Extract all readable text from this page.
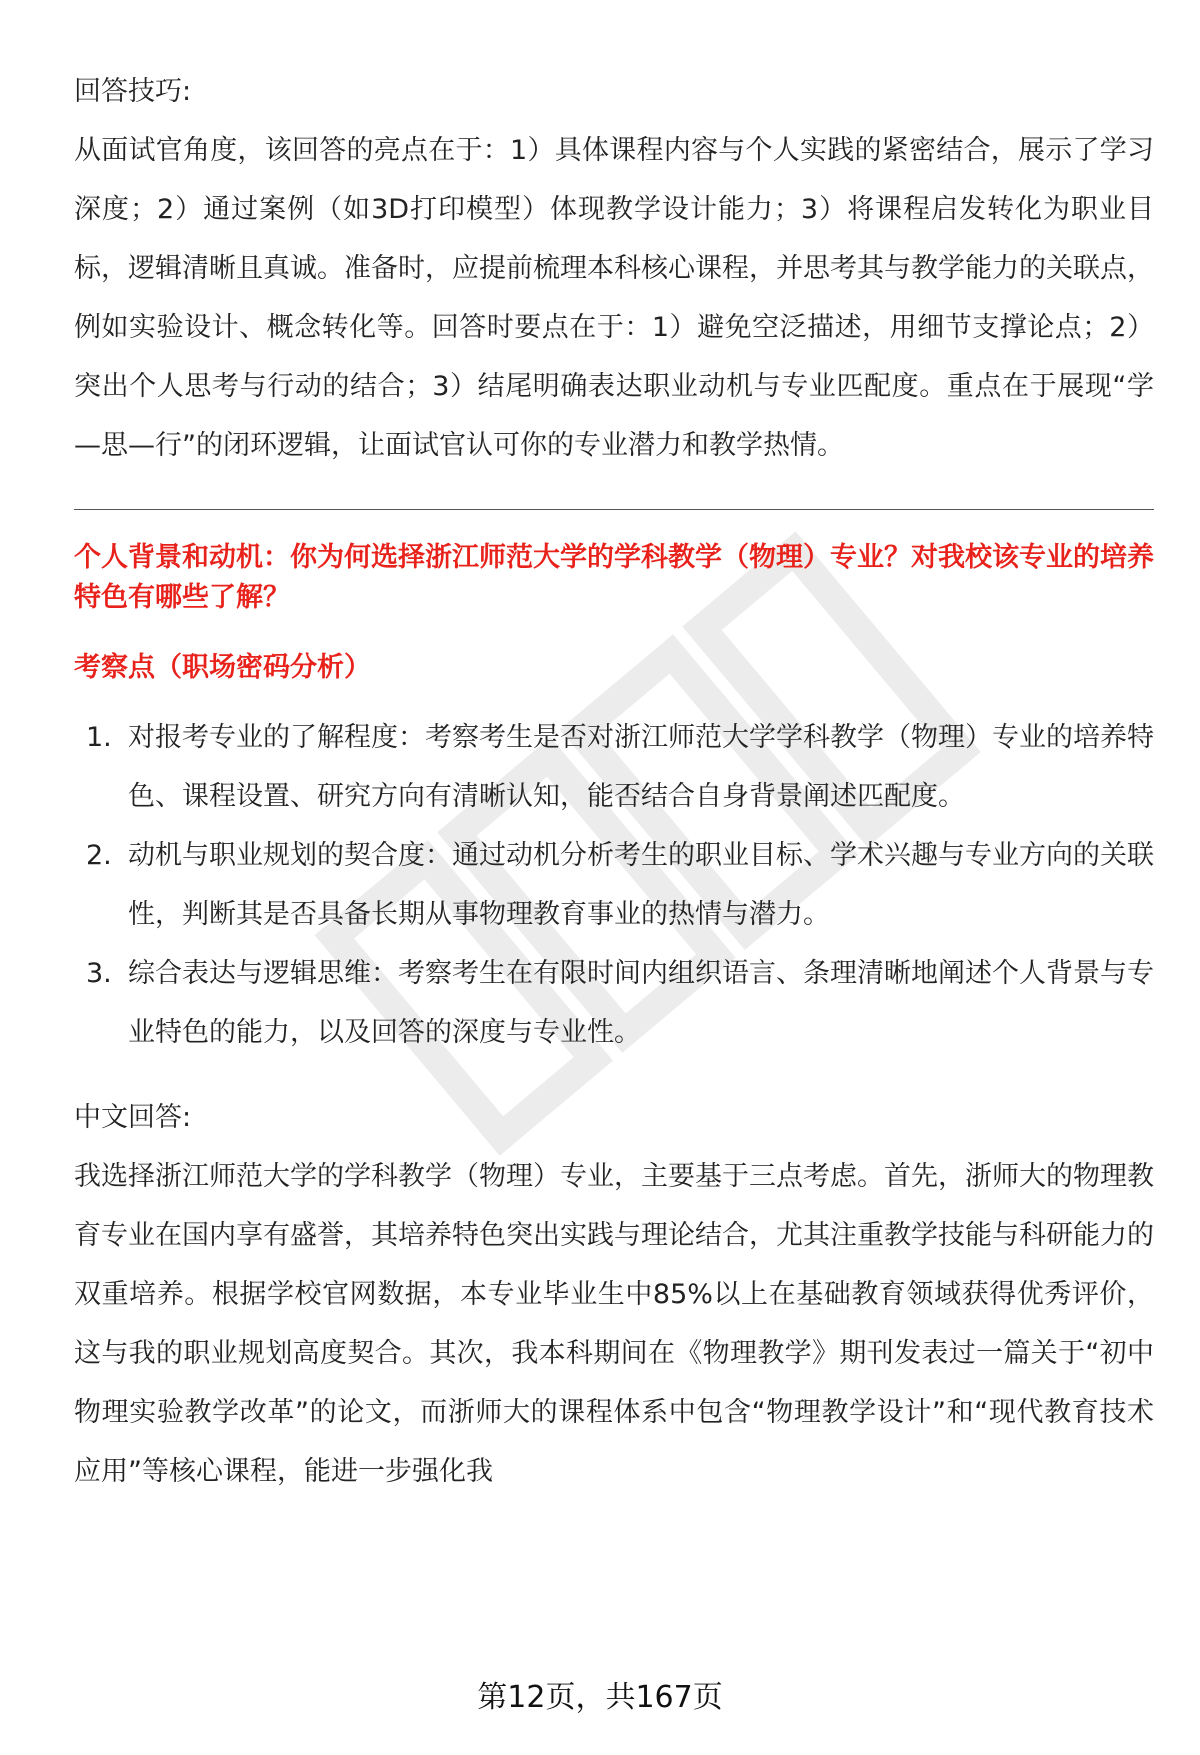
回答技巧:

从面试官角度，该回答的亮点在于：1）具体课程内容与个人实践的紧密结合，展示了学习深度；2）通过案例（如3D打印模型）体现教学设计能力；3）将课程启发转化为职业目标，逻辑清晰且真诚。准备时，应提前梳理本科核心课程，并思考其与教学能力的关联点，例如实验设计、概念转化等。回答时要点在于：1）避免空泛描述，用细节支撑论点；2）突出个人思考与行动的结合；3）结尾明确表达职业动机与专业匹配度。重点在于展现“学—思—行”的闭环逻辑，让面试官认可你的专业潜力和教学热情。

个人背景和动机：你为何选择浙江师范大学的学科教学（物理）专业？对我校该专业的培养特色有哪些了解？

考察点（职场密码分析）

1. 对报考专业的了解程度：考察考生是否对浙江师范大学学科教学（物理）专业的培养特色、课程设置、研究方向有清晰认知，能否结合自身背景阐述匹配度。
2. 动机与职业规划的契合度：通过动机分析考生的职业目标、学术兴趣与专业方向的关联性，判断其是否具备长期从事物理教育事业的热情与潜力。
3. 综合表达与逻辑思维：考察考生在有限时间内组织语言、条理清晰地阐述个人背景与专业特色的能力，以及回答的深度与专业性。

中文回答:

我选择浙江师范大学的学科教学（物理）专业，主要基于三点考虑。首先，浙师大的物理教育专业在国内享有盛誉，其培养特色突出实践与理论结合，尤其注重教学技能与科研能力的双重培养。根据学校官网数据，本专业毕业生中85%以上在基础教育领域获得优秀评价，这与我的职业规划高度契合。其次，我本科期间在《物理教学》期刊发表过一篇关于“初中物理实验教学改革”的论文，而浙师大的课程体系中包含“物理教学设计”和“现代教育技术应用”等核心课程，能进一步强化我

第12页，共167页
